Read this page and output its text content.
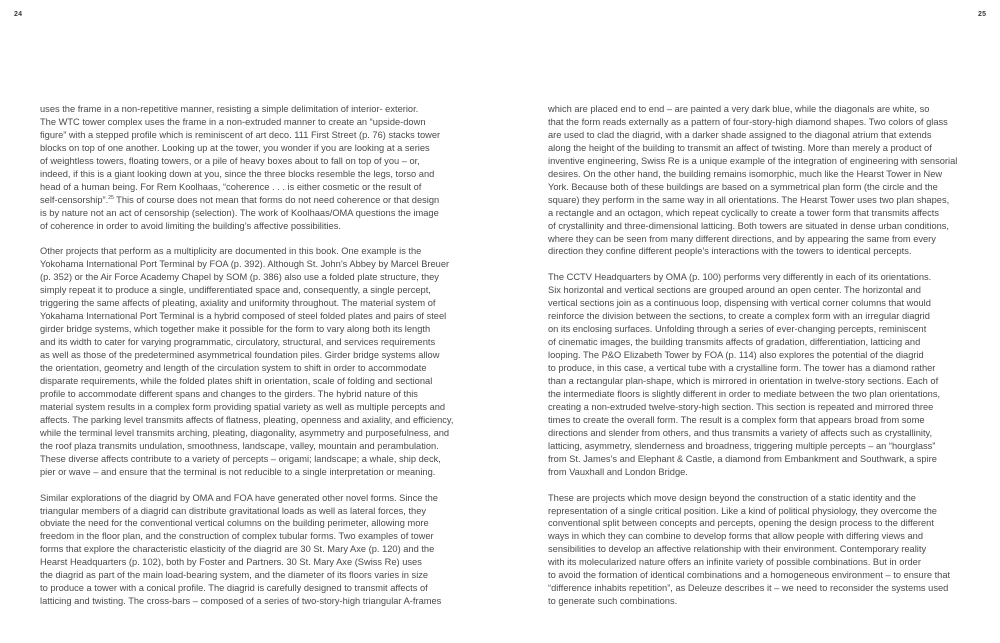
24

uses the frame in a non-repetitive manner, resisting a simple delimitation of interior- exterior.
The WTC tower complex uses the frame in a non-extruded manner to create an “upside-down
figure” with a stepped profile which is reminiscent of art deco. 111 First Street (p. 76) stacks tower
blocks on top of one another. Looking up at the tower, you wonder if you are looking at a series
of weightless towers, floating towers, or a pile of heavy boxes about to fall on top of you – or,
indeed, if this is a giant looking down at you, since the three blocks resemble the legs, torso and
head of a human being. For Rem Koolhaas, “coherence . . . is either cosmetic or the result of
self-censorship”.$^{25}$ This of course does not mean that forms do not need coherence or that design
is by nature not an act of censorship (selection). The work of Koolhaas/OMA questions the image
of coherence in order to avoid limiting the building’s affective possibilities.

Other projects that perform as a multiplicity are documented in this book. One example is the
Yokohama International Port Terminal by FOA (p. 392). Although St. John’s Abbey by Marcel Breuer
(p. 352) or the Air Force Academy Chapel by SOM (p. 386) also use a folded plate structure, they
simply repeat it to produce a single, undifferentiated space and, consequently, a single percept,
triggering the same affects of pleating, axiality and uniformity throughout. The material system of
Yokahama International Port Terminal is a hybrid composed of steel folded plates and pairs of steel
girder bridge systems, which together make it possible for the form to vary along both its length
and its width to cater for varying programmatic, circulatory, structural, and services requirements
as well as those of the predetermined asymmetrical foundation piles. Girder bridge systems allow
the orientation, geometry and length of the circulation system to shift in order to accommodate
disparate requirements, while the folded plates shift in orientation, scale of folding and sectional
profile to accommodate different spans and changes to the girders. The hybrid nature of this
material system results in a complex form providing spatial variety as well as multiple percepts and
affects. The parking level transmits affects of flatness, pleating, openness and axiality, and efficiency,
while the terminal level transmits arching, pleating, diagonality, asymmetry and purposefulness, and
the roof plaza transmits undulation, smoothness, landscape, valley, mountain and perambulation.
These diverse affects contribute to a variety of percepts – origami; landscape; a whale, ship deck,
pier or wave – and ensure that the terminal is not reducible to a single interpretation or meaning.

Similar explorations of the diagrid by OMA and FOA have generated other novel forms. Since the
triangular members of a diagrid can distribute gravitational loads as well as lateral forces, they
obviate the need for the conventional vertical columns on the building perimeter, allowing more
freedom in the floor plan, and the construction of complex tubular forms. Two examples of tower
forms that explore the characteristic elasticity of the diagrid are 30 St. Mary Axe (p. 120) and the
Hearst Headquarters (p. 102), both by Foster and Partners. 30 St. Mary Axe (Swiss Re) uses
the diagrid as part of the main load-bearing system, and the diameter of its floors varies in size
to produce a tower with a conical profile. The diagrid is carefully designed to transmit affects of
latticing and twisting. The cross-bars – composed of a series of two-story-high triangular A-frames

25

which are placed end to end – are painted a very dark blue, while the diagonals are white, so
that the form reads externally as a pattern of four-story-high diamond shapes. Two colors of glass
are used to clad the diagrid, with a darker shade assigned to the diagonal atrium that extends
along the height of the building to transmit an affect of twisting. More than merely a product of
inventive engineering, Swiss Re is a unique example of the integration of engineering with sensorial
desires. On the other hand, the building remains isomorphic, much like the Hearst Tower in New
York. Because both of these buildings are based on a symmetrical plan form (the circle and the
square) they perform in the same way in all orientations. The Hearst Tower uses two plan shapes,
a rectangle and an octagon, which repeat cyclically to create a tower form that transmits affects
of crystallinity and three-dimensional latticing. Both towers are situated in dense urban conditions,
where they can be seen from many different directions, and by appearing the same from every
direction they confine different people’s interactions with the towers to identical percepts.

The CCTV Headquarters by OMA (p. 100) performs very differently in each of its orientations.
Six horizontal and vertical sections are grouped around an open center. The horizontal and
vertical sections join as a continuous loop, dispensing with vertical corner columns that would
reinforce the division between the sections, to create a complex form with an irregular diagrid
on its enclosing surfaces. Unfolding through a series of ever-changing percepts, reminiscent
of cinematic images, the building transmits affects of gradation, differentiation, latticing and
looping. The P&O Elizabeth Tower by FOA (p. 114) also explores the potential of the diagrid
to produce, in this case, a vertical tube with a crystalline form. The tower has a diamond rather
than a rectangular plan-shape, which is mirrored in orientation in twelve-story sections. Each of
the intermediate floors is slightly different in order to mediate between the two plan orientations,
creating a non-extruded twelve-story-high section. This section is repeated and mirrored three
times to create the overall form. The result is a complex form that appears broad from some
directions and slender from others, and thus transmits a variety of affects such as crystallinity,
latticing, asymmetry, slenderness and broadness, triggering multiple percepts – an “hourglass”
from St. James’s and Elephant & Castle, a diamond from Embankment and Southwark, a spire
from Vauxhall and London Bridge.

These are projects which move design beyond the construction of a static identity and the
representation of a single critical position. Like a kind of political physiology, they overcome the
conventional split between concepts and percepts, opening the design process to the different
ways in which they can combine to develop forms that allow people with differing views and
sensibilities to develop an affective relationship with their environment. Contemporary reality
with its molecularized nature offers an infinite variety of possible combinations. But in order
to avoid the formation of identical combinations and a homogeneous environment – to ensure that
“difference inhabits repetition”, as Deleuze describes it – we need to reconsider the systems used
to generate such combinations.
